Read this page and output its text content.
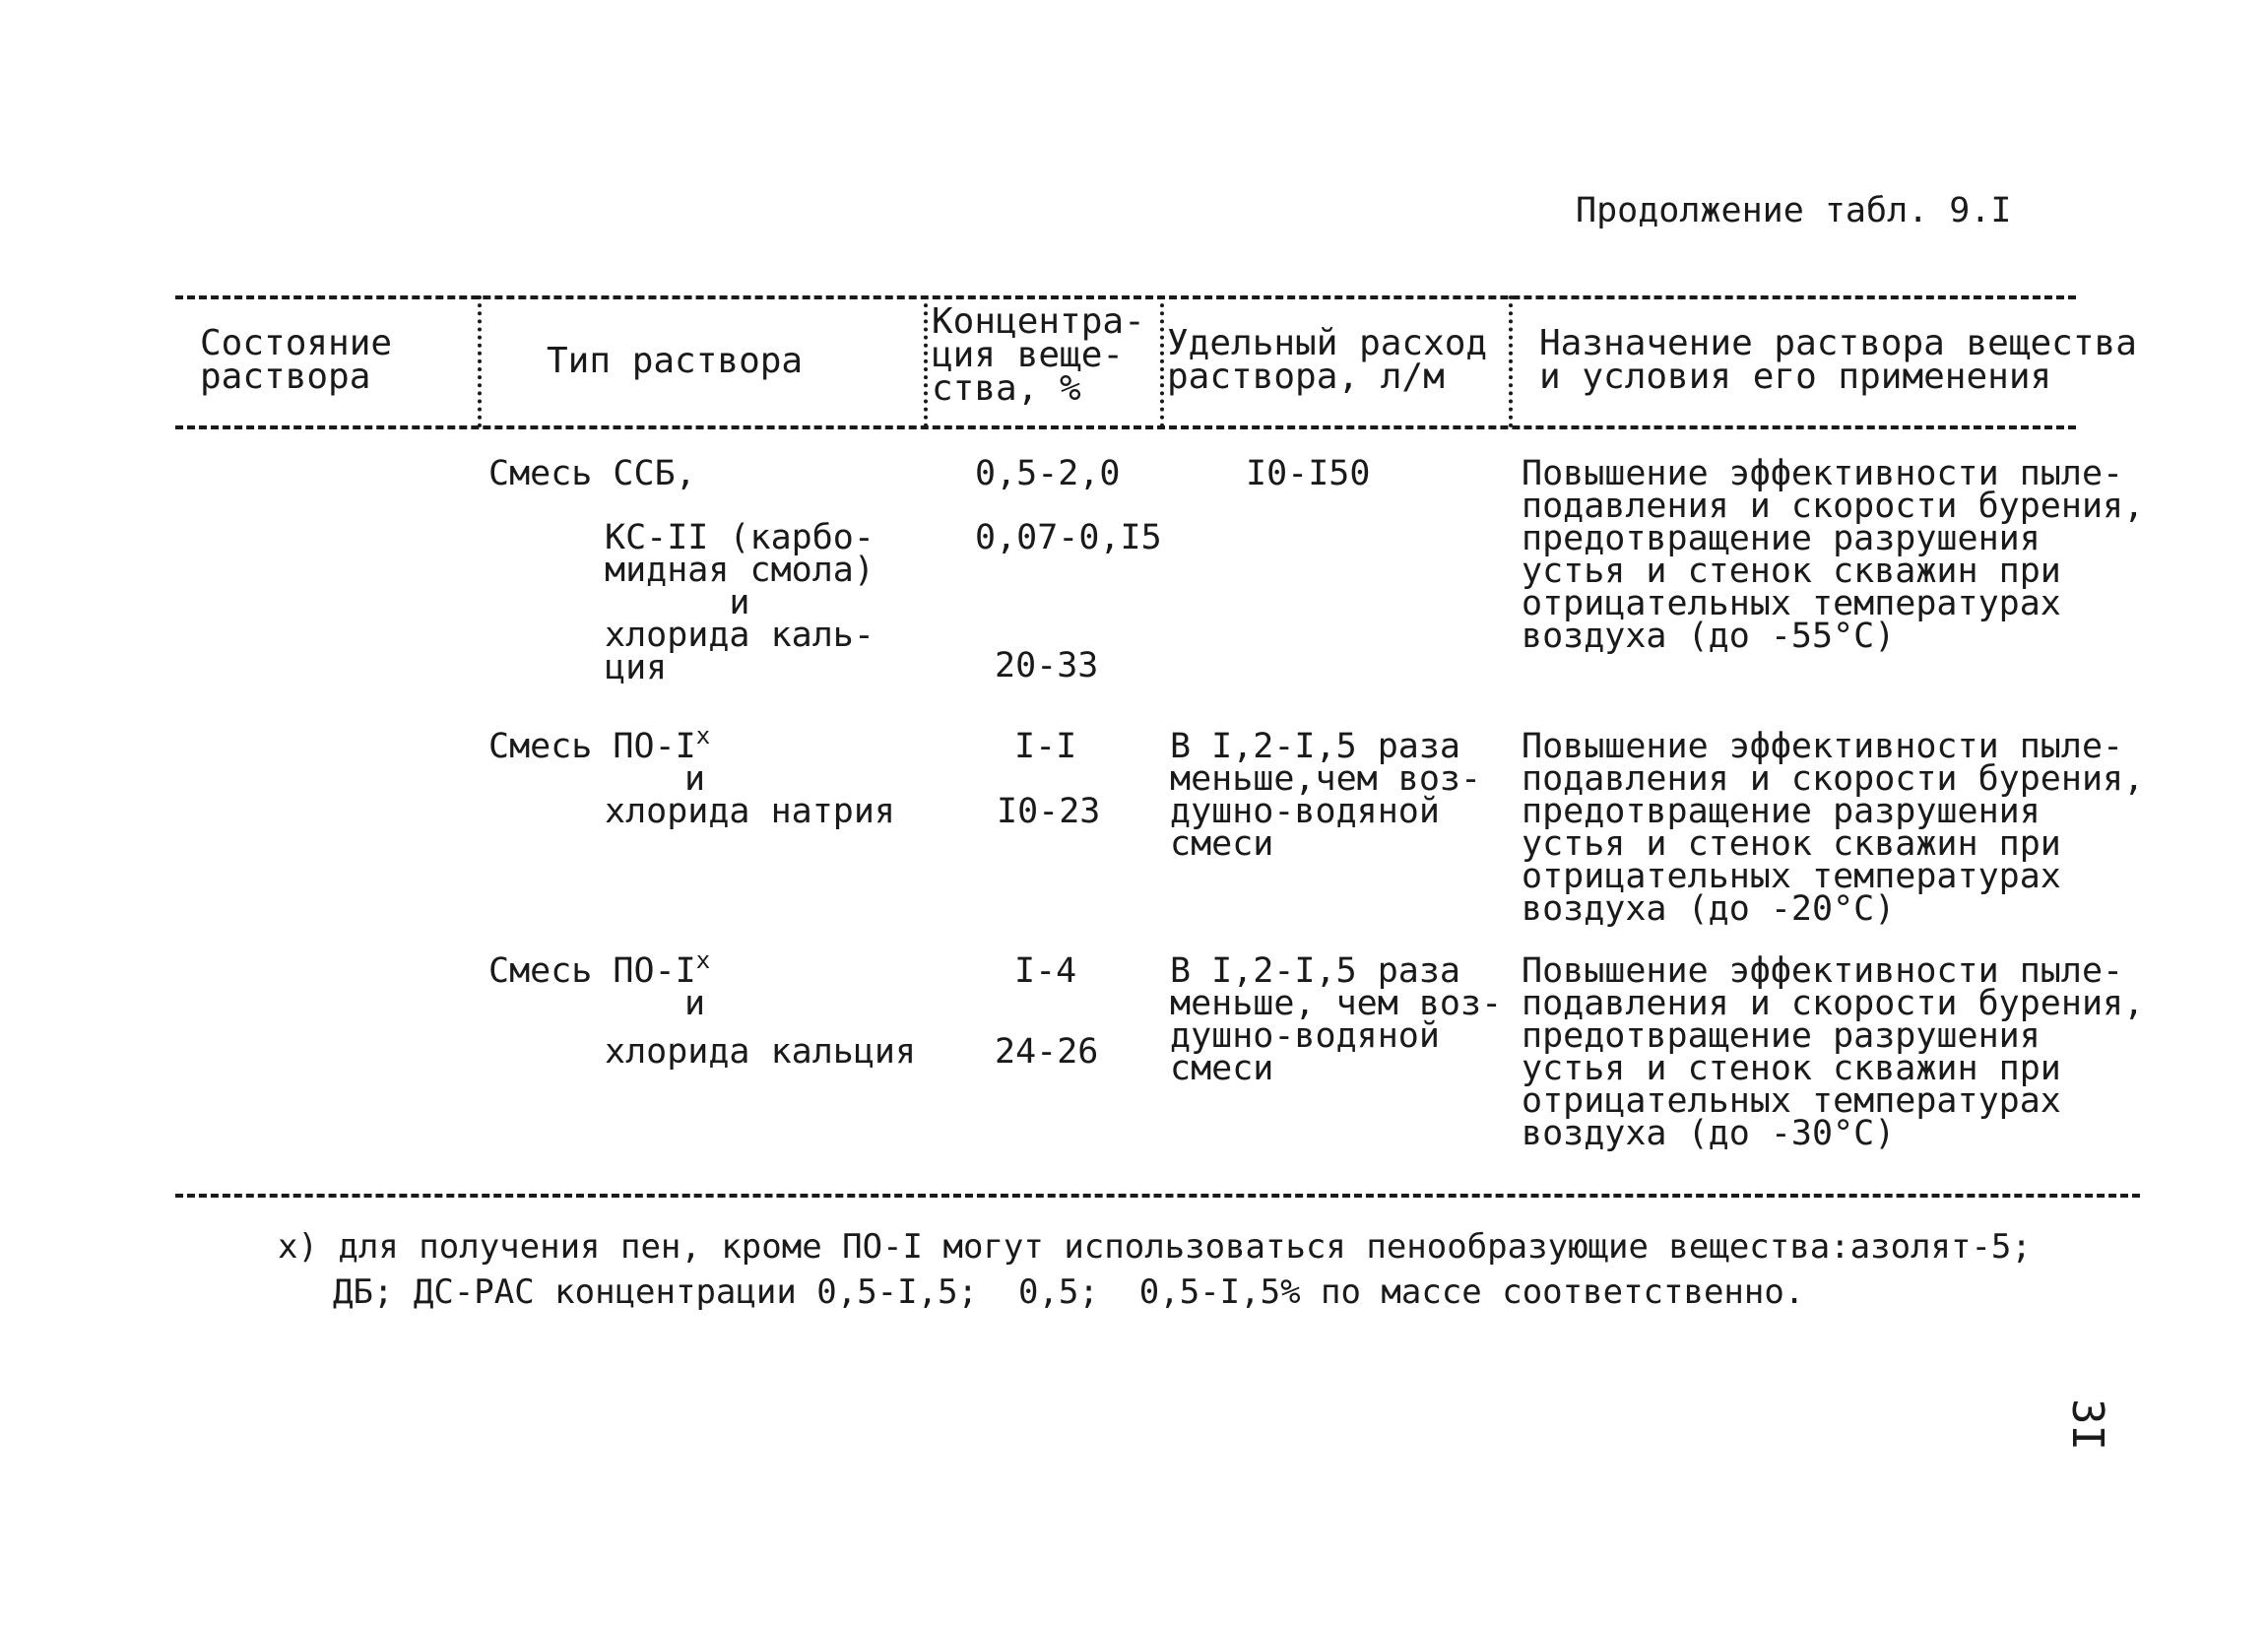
Продолжение табл. 9.I
Состояние
раствора	Тип раствора
Концентра-
ция веще-
ства, %
Удельный расход
раствора, л/м
Назначение раствора вещества
и условия его применения
Смесь ССБ,
КС-II (карбо-
мидная смола)
и
хлорида каль-
ция
0,5-2,0
0,07-0,I5
20-33
I0-I50	Повышение эффективности пыле-
подавления и скорости бурения,
предотвращение разрушения
устья и стенок скважин при
отрицательных температурах
воздуха (до -55°С)
Смесь $ПО-I^x$
и
хлорида натрия
I-I
I0-23
В I,2-I,5 раза
меньше,чем воз-
душно-водяной
смеси
Повышение эффективности пыле-
подавления и скорости бурения,
предотвращение разрушения
устья и стенок скважин при
отрицательных температурах
воздуха (до -20°С)
Смесь $ПО-I^x$
и
хлорида кальция
I-4
24-26
В I,2-I,5 раза
меньше, чем воз-
душно-водяной
смеси
Повышение эффективности пыле-
подавления и скорости бурения,
предотвращение разрушения
устья и стенок скважин при
отрицательных температурах
воздуха (до -30°С)
х) для получения пен, кроме ПО-I могут использоваться пенообразующие вещества:азолят-5;
ДБ; ДС-РАС концентрации 0,5-I,5;  0,5;  0,5-I,5% по массе соответственно.
3I
